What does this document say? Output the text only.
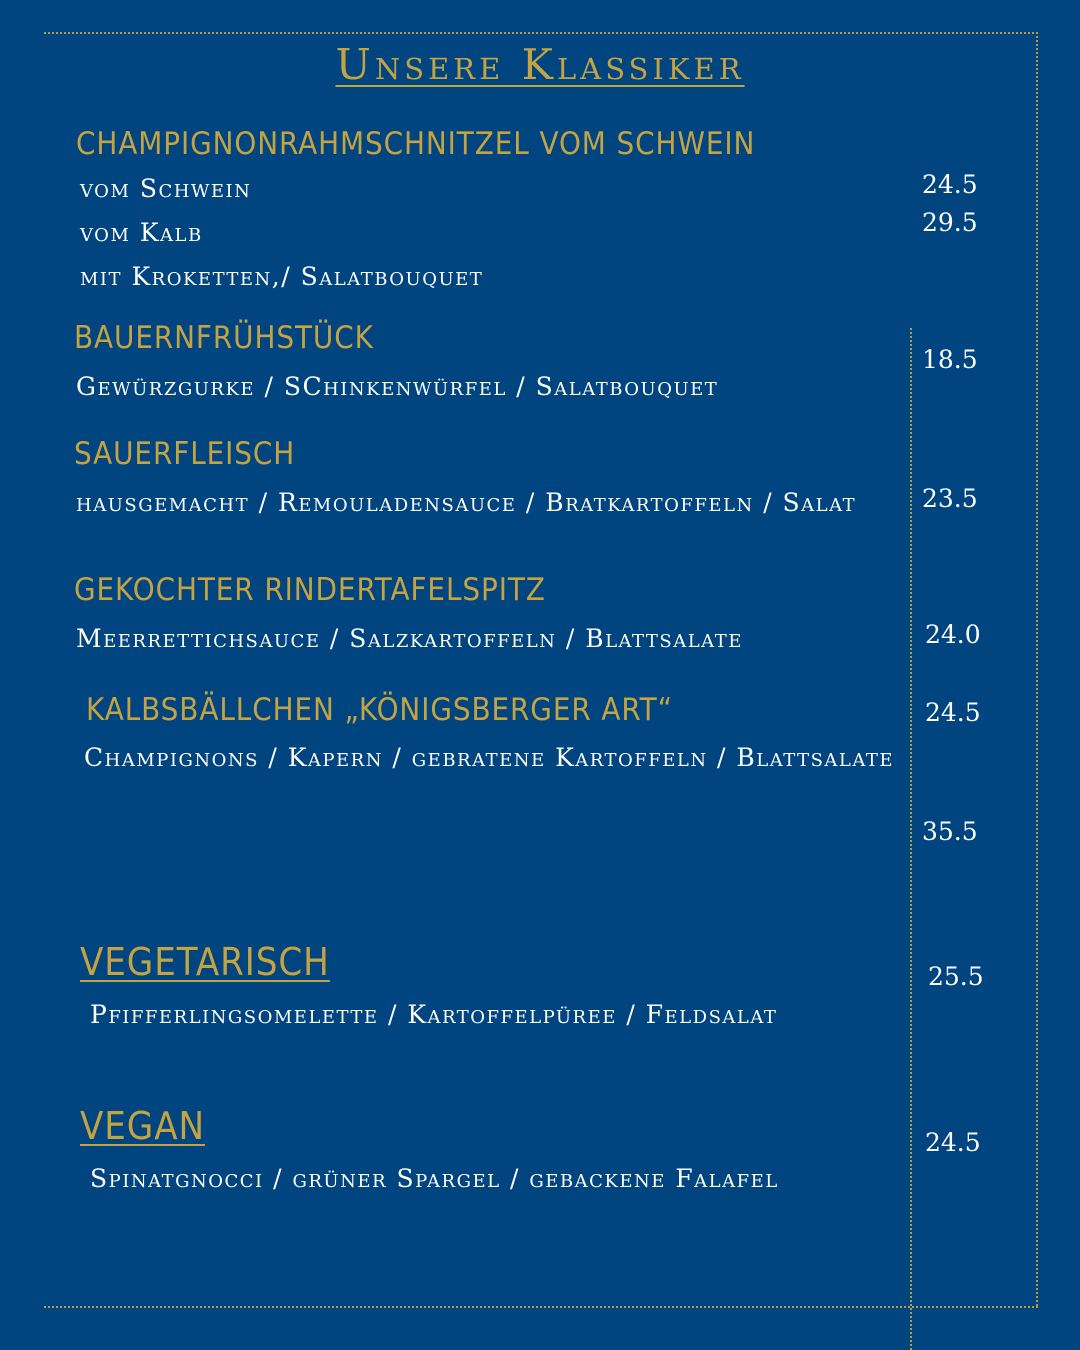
Unsere Klassiker
CHAMPIGNONRAHMSCHNITZEL VOM SCHWEIN
vom Schwein
vom Kalb
mit Kroketten,/ Salatbouquet
24.5
29.5
BAUERNFRÜHSTÜCK
Gewürzgurke / SChinkenwürfel / Salatbouquet
18.5
SAUERFLEISCH
hausgemacht / Remouladensauce / Bratkartoffeln / Salat	23.5
GEKOCHTER RINDERTAFELSPITZ
Meerrettichsauce / Salzkartoffeln / Blattsalate	24.0
KALBSBÄLLCHEN „KÖNIGSBERGER ART“
Champignons / Kapern / gebratene Kartoffeln / Blattsalate
24.5
35.5
VEGETARISCH
Pfifferlingsomelette / Kartoffelpüree / Feldsalat
25.5
VEGAN
Spinatgnocci / grüner Spargel / gebackene Falafel
24.5
